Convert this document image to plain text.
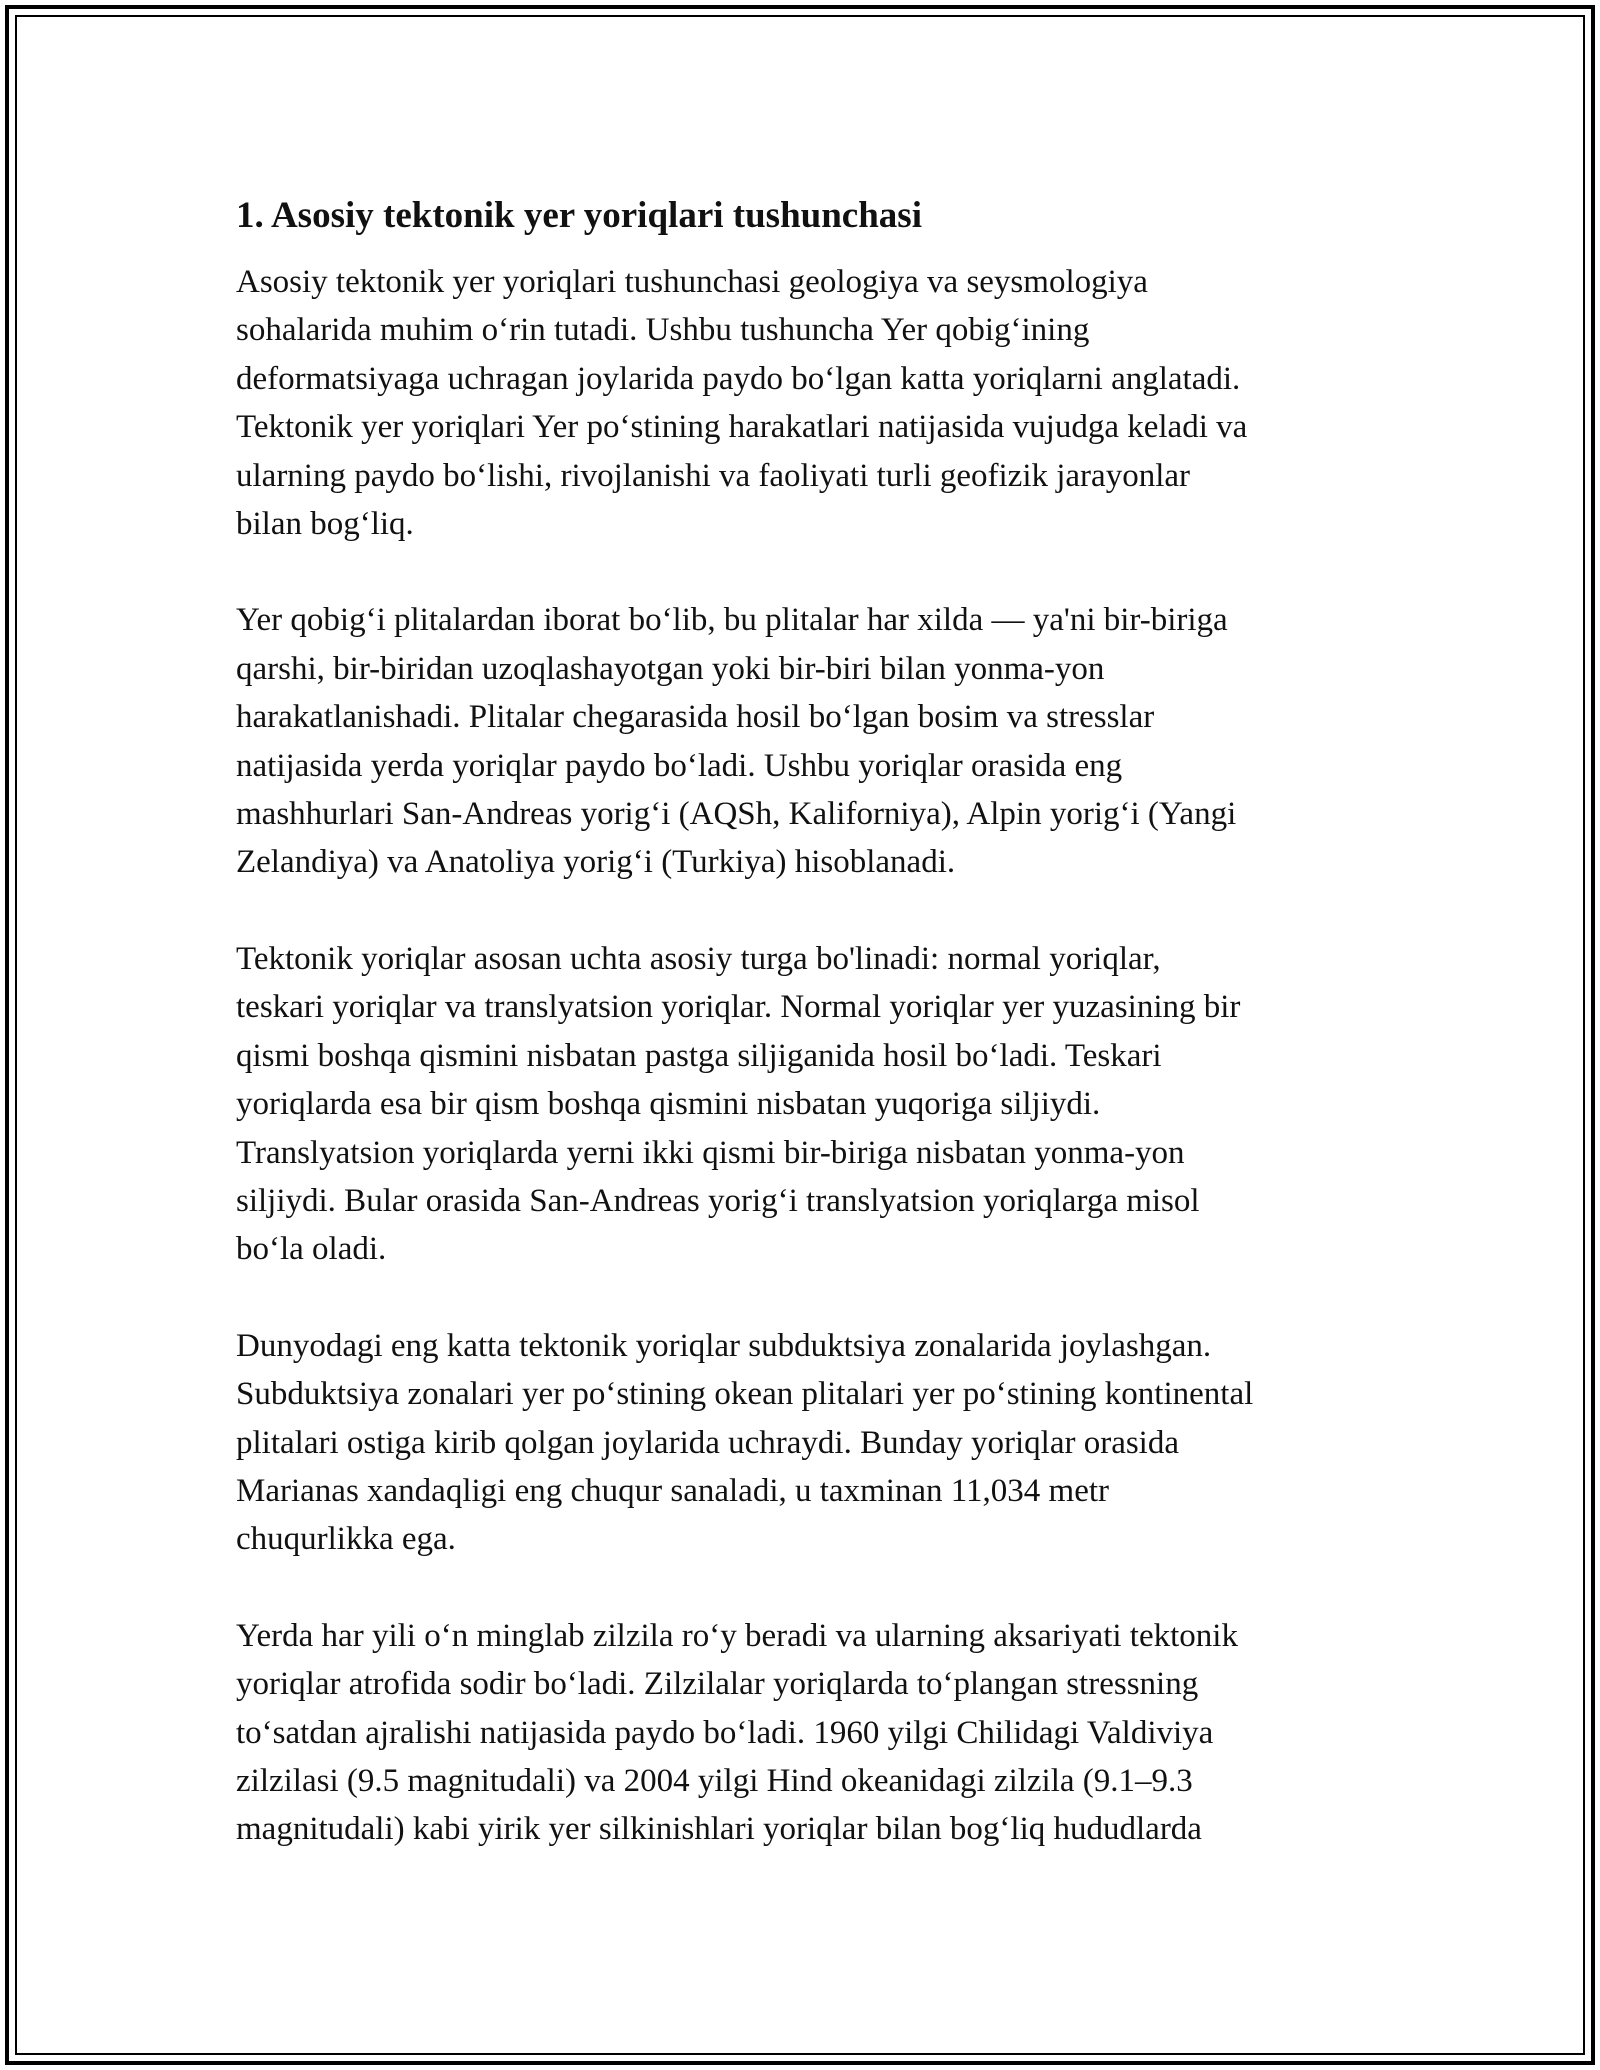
1. Asosiy tektonik yer yoriqlari tushunchasi

Asosiy tektonik yer yoriqlari tushunchasi geologiya va seysmologiya
sohalarida muhim o‘rin tutadi. Ushbu tushuncha Yer qobig‘ining
deformatsiyaga uchragan joylarida paydo bo‘lgan katta yoriqlarni anglatadi.
Tektonik yer yoriqlari Yer po‘stining harakatlari natijasida vujudga keladi va
ularning paydo bo‘lishi, rivojlanishi va faoliyati turli geofizik jarayonlar
bilan bog‘liq.

Yer qobig‘i plitalardan iborat bo‘lib, bu plitalar har xilda — ya'ni bir-biriga
qarshi, bir-biridan uzoqlashayotgan yoki bir-biri bilan yonma-yon
harakatlanishadi. Plitalar chegarasida hosil bo‘lgan bosim va stresslar
natijasida yerda yoriqlar paydo bo‘ladi. Ushbu yoriqlar orasida eng
mashhurlari San-Andreas yorig‘i (AQSh, Kaliforniya), Alpin yorig‘i (Yangi
Zelandiya) va Anatoliya yorig‘i (Turkiya) hisoblanadi.

Tektonik yoriqlar asosan uchta asosiy turga bo'linadi: normal yoriqlar,
teskari yoriqlar va translyatsion yoriqlar. Normal yoriqlar yer yuzasining bir
qismi boshqa qismini nisbatan pastga siljiganida hosil bo‘ladi. Teskari
yoriqlarda esa bir qism boshqa qismini nisbatan yuqoriga siljiydi.
Translyatsion yoriqlarda yerni ikki qismi bir-biriga nisbatan yonma-yon
siljiydi. Bular orasida San-Andreas yorig‘i translyatsion yoriqlarga misol
bo‘la oladi.

Dunyodagi eng katta tektonik yoriqlar subduktsiya zonalarida joylashgan.
Subduktsiya zonalari yer po‘stining okean plitalari yer po‘stining kontinental
plitalari ostiga kirib qolgan joylarida uchraydi. Bunday yoriqlar orasida
Marianas xandaqligi eng chuqur sanaladi, u taxminan 11,034 metr
chuqurlikka ega.

Yerda har yili o‘n minglab zilzila ro‘y beradi va ularning aksariyati tektonik
yoriqlar atrofida sodir bo‘ladi. Zilzilalar yoriqlarda to‘plangan stressning
to‘satdan ajralishi natijasida paydo bo‘ladi. 1960 yilgi Chilidagi Valdiviya
zilzilasi (9.5 magnitudali) va 2004 yilgi Hind okeanidagi zilzila (9.1–9.3
magnitudali) kabi yirik yer silkinishlari yoriqlar bilan bog‘liq hududlarda
